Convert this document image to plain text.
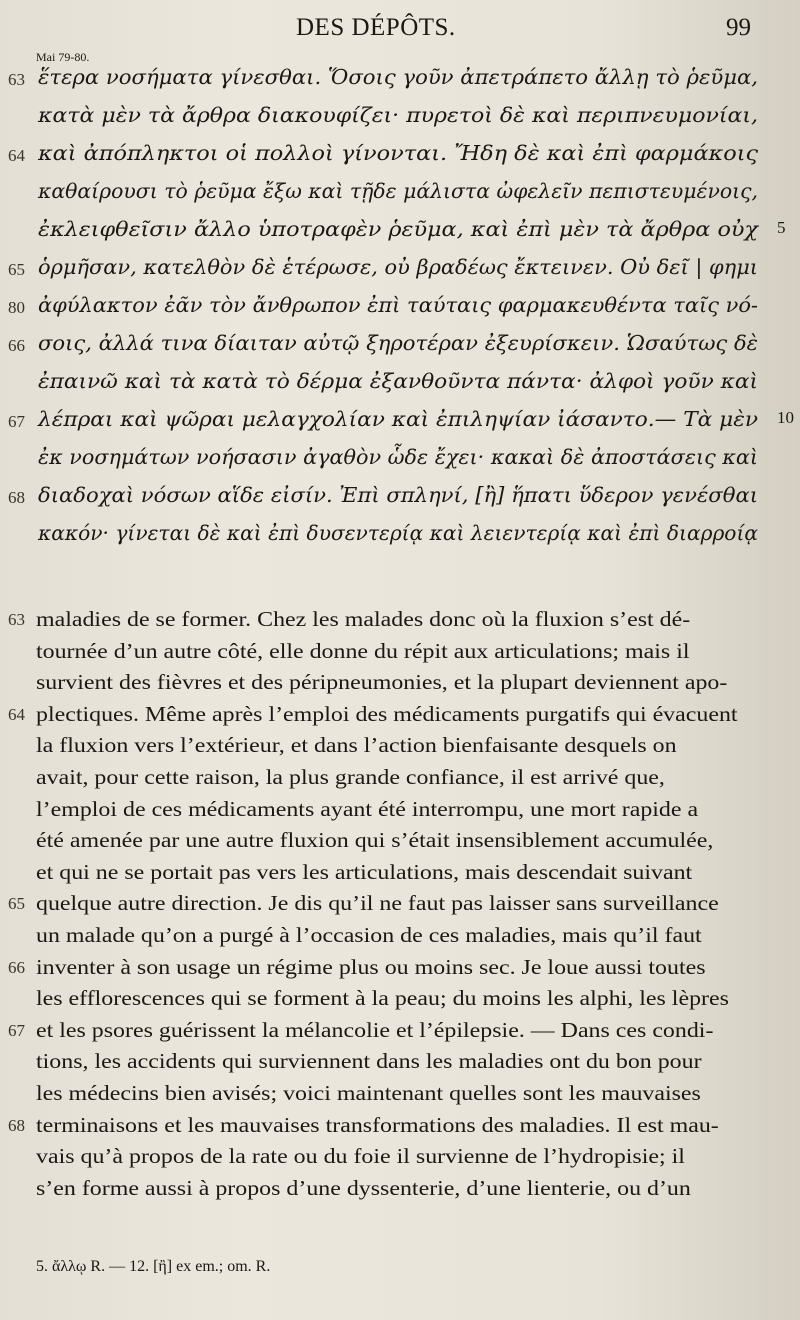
DES DÉPÔTS.	99
Mai 79-80.
ἕτερα νοσήματα γίνεσθαι. Ὅσοις γοῦν ἀπετράπετο ἄλλῃ τὸ ῥεῦμα,
63
κατὰ μὲν τὰ ἄρθρα διακουφίζει· πυρετοὶ δὲ καὶ περιπνευμονίαι,
καὶ ἀπόπληκτοι οἱ πολλοὶ γίνονται. Ἤδη δὲ καὶ ἐπὶ φαρμάκοις
64
καθαίρουσι τὸ ῥεῦμα ἔξω καὶ τῇδε μάλιστα ὠφελεῖν πεπιστευμένοις,
ἐκλειφθεῖσιν ἄλλο ὑποτραφὲν ῥεῦμα, καὶ ἐπὶ μὲν τὰ ἄρθρα οὐχ 5
ὁρμῆσαν, κατελθὸν δὲ ἑτέρωσε, οὐ βραδέως ἔκτεινεν. Οὐ δεῖ | φημι
65
ἀφύλακτον ἐᾶν τὸν ἄνθρωπον ἐπὶ ταύταις φαρμακευθέντα ταῖς νό-
80
σοις, ἀλλά τινα δίαιταν αὐτῷ ξηροτέραν ἐξευρίσκειν. Ὡσαύτως δὲ
66
ἐπαινῶ καὶ τὰ κατὰ τὸ δέρμα ἐξανθοῦντα πάντα· ἀλφοὶ γοῦν καὶ
λέπραι καὶ ψῶραι μελαγχολίαν καὶ ἐπιληψίαν ἰάσαντο.— Τὰ μὲν
67	10
ἐκ νοσημάτων νοήσασιν ἀγαθὸν ὧδε ἔχει· κακαὶ δὲ ἀποστάσεις καὶ
διαδοχαὶ νόσων αἵδε εἰσίν. Ἐπὶ σπληνί, [ἢ] ἥπατι ὕδερον γενέσθαι
68
κακόν· γίνεται δὲ καὶ ἐπὶ δυσεντερίᾳ καὶ λειεντερίᾳ καὶ ἐπὶ διαρροίᾳ
maladies de se former. Chez les malades donc où la fluxion s’est dé-
63
tournée d’un autre côté, elle donne du répit aux articulations; mais il
survient des fièvres et des péripneumonies, et la plupart deviennent apo-
plectiques. Même après l’emploi des médicaments purgatifs qui évacuent
64
la fluxion vers l’extérieur, et dans l’action bienfaisante desquels on
avait, pour cette raison, la plus grande confiance, il est arrivé que,
l’emploi de ces médicaments ayant été interrompu, une mort rapide a
été amenée par une autre fluxion qui s’était insensiblement accumulée,
et qui ne se portait pas vers les articulations, mais descendait suivant
quelque autre direction. Je dis qu’il ne faut pas laisser sans surveillance
65
un malade qu’on a purgé à l’occasion de ces maladies, mais qu’il faut
inventer à son usage un régime plus ou moins sec. Je loue aussi toutes
66
les efflorescences qui se forment à la peau; du moins les alphi, les lèpres
et les psores guérissent la mélancolie et l’épilepsie. — Dans ces condi-
67
tions, les accidents qui surviennent dans les maladies ont du bon pour
les médecins bien avisés; voici maintenant quelles sont les mauvaises
terminaisons et les mauvaises transformations des maladies. Il est mau-
68
vais qu’à propos de la rate ou du foie il survienne de l’hydropisie; il
s’en forme aussi à propos d’une dyssenterie, d’une lienterie, ou d’un
5. ἄλλῳ R. — 12. [ἢ] ex em.; om. R.
